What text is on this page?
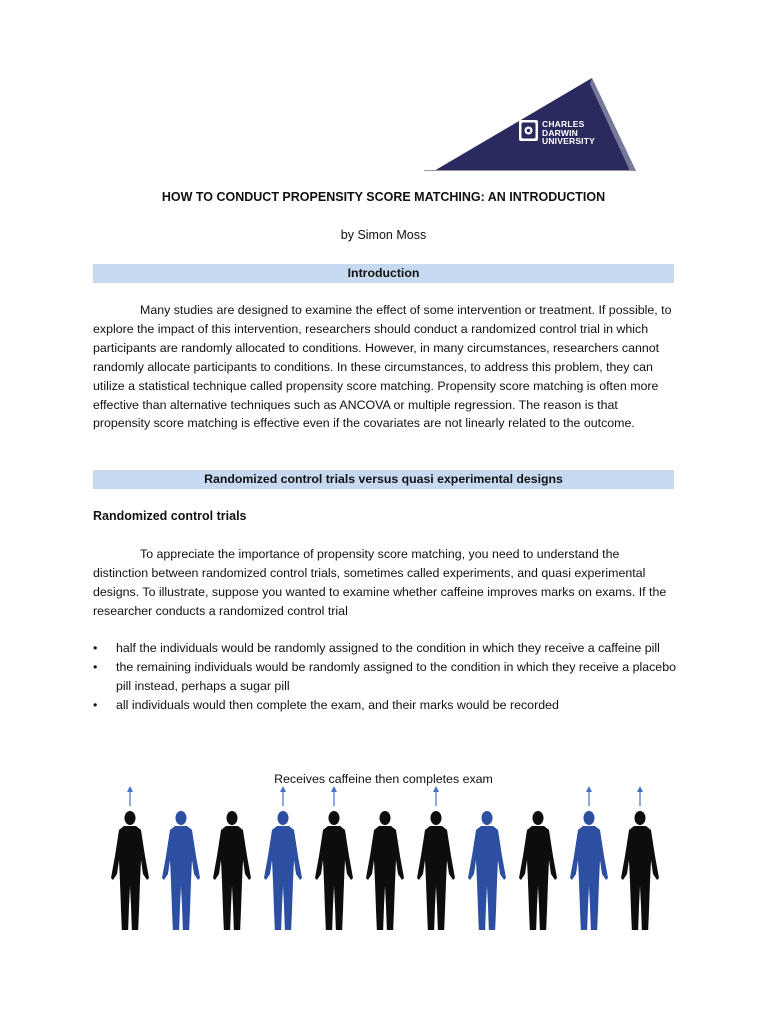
CHARLES
DARWIN
UNIVERSITY
HOW TO CONDUCT PROPENSITY SCORE MATCHING: AN INTRODUCTION
by Simon Moss
Introduction

Many studies are designed to examine the effect of some intervention or treatment. If possible, to explore the impact of this intervention, researchers should conduct a randomized control trial in which participants are randomly allocated to conditions. However, in many circumstances, researchers cannot randomly allocate participants to conditions. In these circumstances, to address this problem, they can utilize a statistical technique called propensity score matching. Propensity score matching is often more effective than alternative techniques such as ANCOVA or multiple regression. The reason is that propensity score matching is effective even if the covariates are not linearly related to the outcome.

Randomized control trials versus quasi experimental designs
Randomized control trials

To appreciate the importance of propensity score matching, you need to understand the distinction between randomized control trials, sometimes called experiments, and quasi experimental designs. To illustrate, suppose you wanted to examine whether caffeine improves marks on exams. If the researcher conducts a randomized control trial

• half the individuals would be randomly assigned to the condition in which they receive a caffeine pill
• the remaining individuals would be randomly assigned to the condition in which they receive a placebo pill instead, perhaps a sugar pill
• all individuals would then complete the exam, and their marks would be recorded
Receives caffeine then completes exam
